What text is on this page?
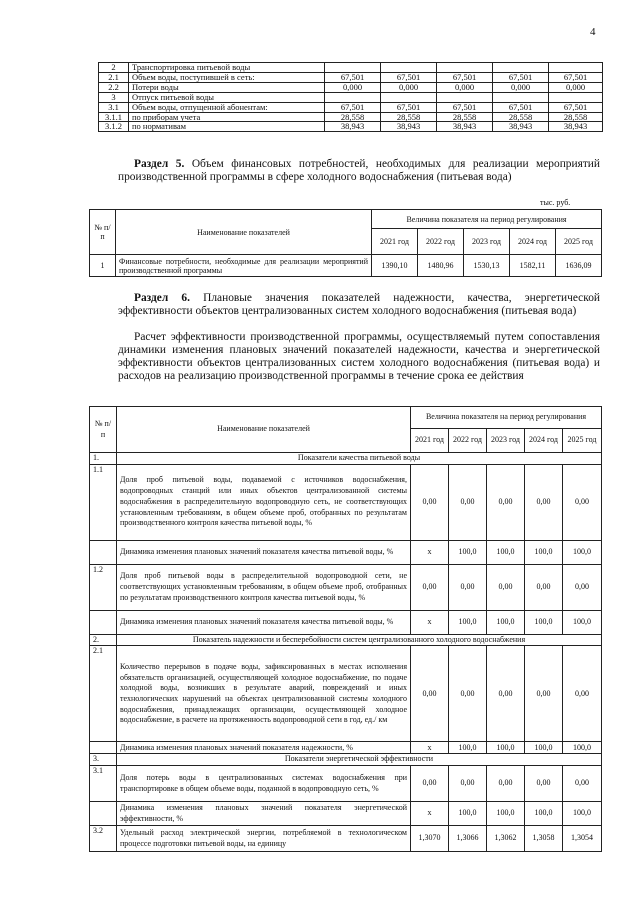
4
2	Транспортировка питьевой воды					
2.1	Объем воды, поступившей в сеть:	67,501	67,501	67,501	67,501	67,501
2.2	Потери воды	0,000	0,000	0,000	0,000	0,000
3	Отпуск питьевой воды					
3.1	Объем воды, отпущенной абонентам:	67,501	67,501	67,501	67,501	67,501
3.1.1	по приборам учета	28,558	28,558	28,558	28,558	28,558
3.1.2	по нормативам	38,943	38,943	38,943	38,943	38,943
Раздел 5. Объем финансовых потребностей, необходимых для реализации мероприятий производственной программы в сфере холодного водоснабжения (питьевая вода)
тыс. руб.
№ п/п	Наименование показателей	Величина показателя на период регулирования				
		2021 год	2022 год	2023 год	2024 год	2025 год
1	Финансовые потребности, необходимые для реализации мероприятий производственной программы	1390,10	1480,96	1530,13	1582,11	1636,09
Раздел 6. Плановые значения показателей надежности, качества, энергетической эффективности объектов централизованных систем холодного водоснабжения (питьевая вода)
Расчет эффективности производственной программы, осуществляемый путем сопоставления динамики изменения плановых значений показателей надежности, качества и энергетической эффективности объектов централизованных систем холодного водоснабжения (питьевая вода) и расходов на реализацию производственной программы в течение срока ее действия
№ п/п	Наименование показателей	Величина показателя на период регулирования				
		2021 год	2022 год	2023 год	2024 год	2025 год
1.	Показатели качества питьевой воды					
1.1	Доля проб питьевой воды, подаваемой с источников водоснабжения, водопроводных станций или иных объектов централизованной системы водоснабжения в распределительную водопроводную сеть, не соответствующих установленным требованиям, в общем объеме проб, отобранных по результатам производственного контроля качества питьевой воды, %	0,00	0,00	0,00	0,00	0,00
	Динамика изменения плановых значений показателя качества питьевой воды, %	х	100,0	100,0	100,0	100,0
1.2	Доля проб питьевой воды в распределительной водопроводной сети, не соответствующих установленным требованиям, в общем объеме проб, отобранных по результатам производственного контроля качества питьевой воды, %	0,00	0,00	0,00	0,00	0,00
	Динамика изменения плановых значений показателя качества питьевой воды, %	х	100,0	100,0	100,0	100,0
2.	Показатель надежности и бесперебойности систем централизованного холодного водоснабжения					
2.1	Количество перерывов в подаче воды, зафиксированных в местах исполнения обязательств организацией, осуществляющей холодное водоснабжение, по подаче холодной воды, возникших в результате аварий, повреждений и иных технологических нарушений на объектах централизованной системы холодного водоснабжения, принадлежащих организации, осуществляющей холодное водоснабжение, в расчете на протяженность водопроводной сети в год, ед./ км	0,00	0,00	0,00	0,00	0,00
	Динамика изменения плановых значений показателя надежности, %	х	100,0	100,0	100,0	100,0
3.	Показатели энергетической эффективности					
3.1	Доля потерь воды в централизованных системах водоснабжения при транспортировке в общем объеме воды, поданной в водопроводную сеть, %	0,00	0,00	0,00	0,00	0,00
	Динамика изменения плановых значений показателя энергетической эффективности, %	х	100,0	100,0	100,0	100,0
3.2	Удельный расход электрической энергии, потребляемой в технологическом процессе подготовки питьевой воды, на единицу	1,3070	1,3066	1,3062	1,3058	1,3054
